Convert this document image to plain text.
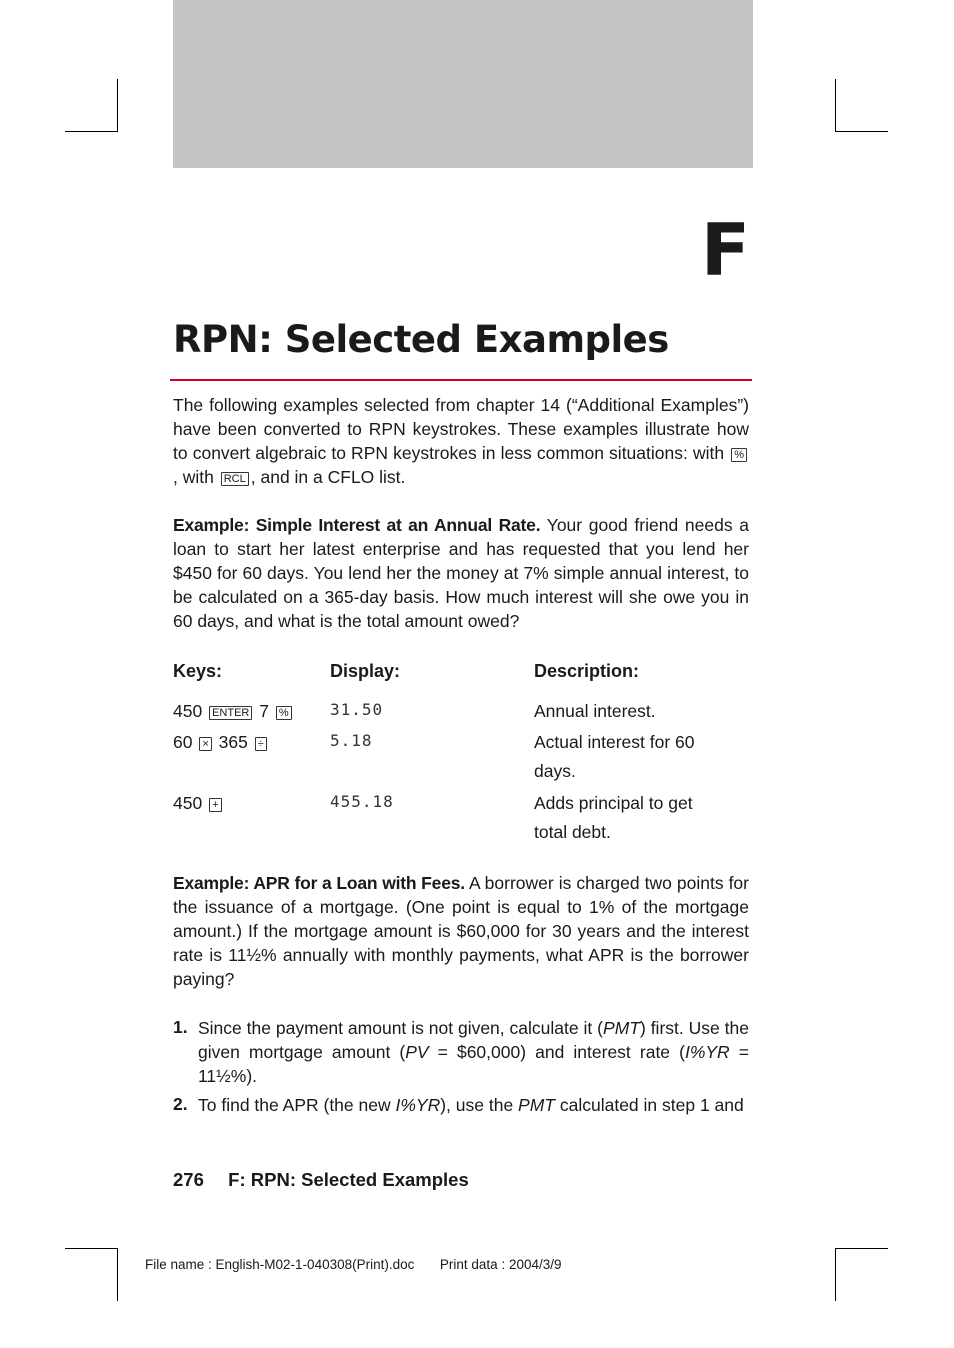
F
RPN: Selected Examples
The following examples selected from chapter 14 (“Additional Examples”) have been converted to RPN keystrokes. These examples illustrate how to convert algebraic to RPN keystrokes in less common situations: with %, with RCL , and in a CFLO list.
Example: Simple Interest at an Annual Rate. Your good friend needs a loan to start her latest enterprise and has requested that you lend her $450 for 60 days. You lend her the money at 7% simple annual interest, to be calculated on a 365-day basis. How much interest will she owe you in 60 days, and what is the total amount owed?
Keys:	Display:	Description:
450 ENTER 7 %	31.50	Annual interest.
60 × 365 ÷	5.18	Actual interest for 60
days.
450 +	455.18	Adds principal to get
total debt.
Example: APR for a Loan with Fees. A borrower is charged two points for the issuance of a mortgage. (One point is equal to 1% of the mortgage amount.) If the mortgage amount is $60,000 for 30 years and the interest rate is 11½% annually with monthly payments, what APR is the borrower paying?
1. Since the payment amount is not given, calculate it (PMT) first. Use the given mortgage amount (PV = $60,000) and interest rate (I%YR = 11½%).
2. To find the APR (the new I%YR), use the PMT calculated in step 1 and
276 F: RPN: Selected Examples
File name : English-M02-1-040308(Print).doc Print data : 2004/3/9
